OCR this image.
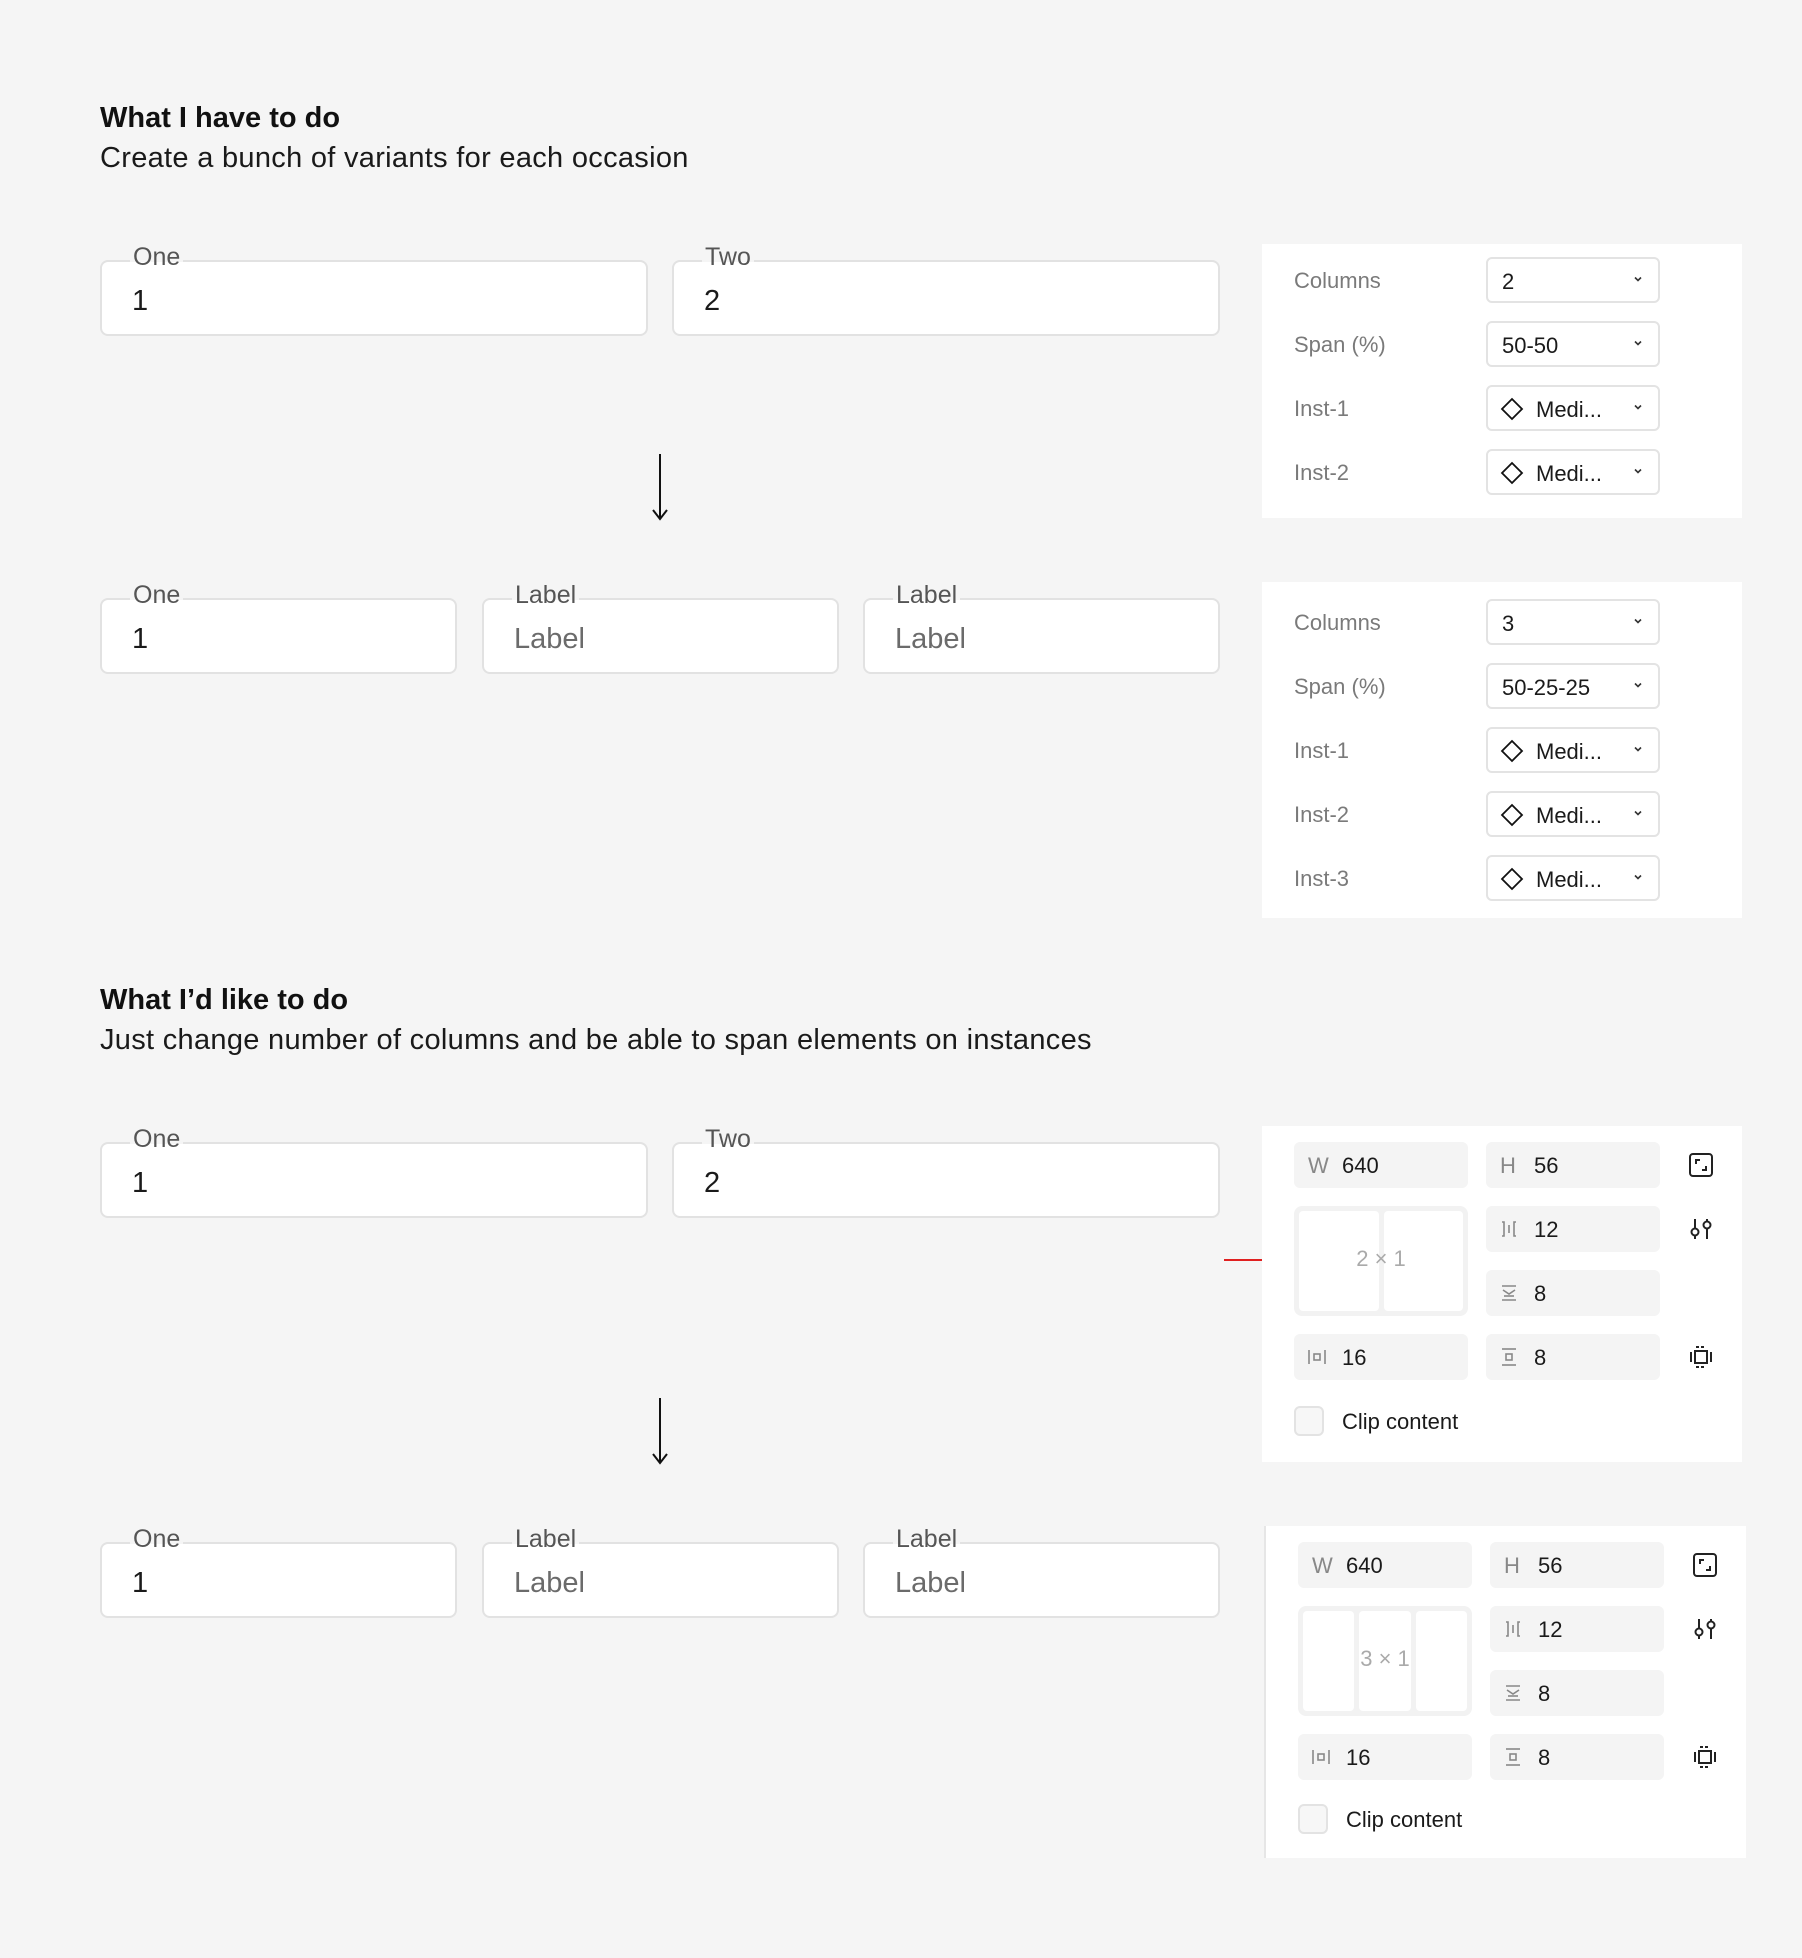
What I have to do
Create a bunch of variants for each occasion
One
1
Two
2
Columns	2
Span (%)	50-50
Inst-1	Medi...
Inst-2	Medi...
One
1
Label
Label
Label
Label
Columns	3
Span (%)	50-25-25
Inst-1	Medi...
Inst-2	Medi...
Inst-3	Medi...
What I’d like to do
Just change number of columns and be able to span elements on instances
One
1
Two
2
W 640	H 56
2 × 1
12
8
16	8
Clip content
One
1
Label
Label
Label
Label
W 640	H 56
3 × 1
12
8
16	8
Clip content
